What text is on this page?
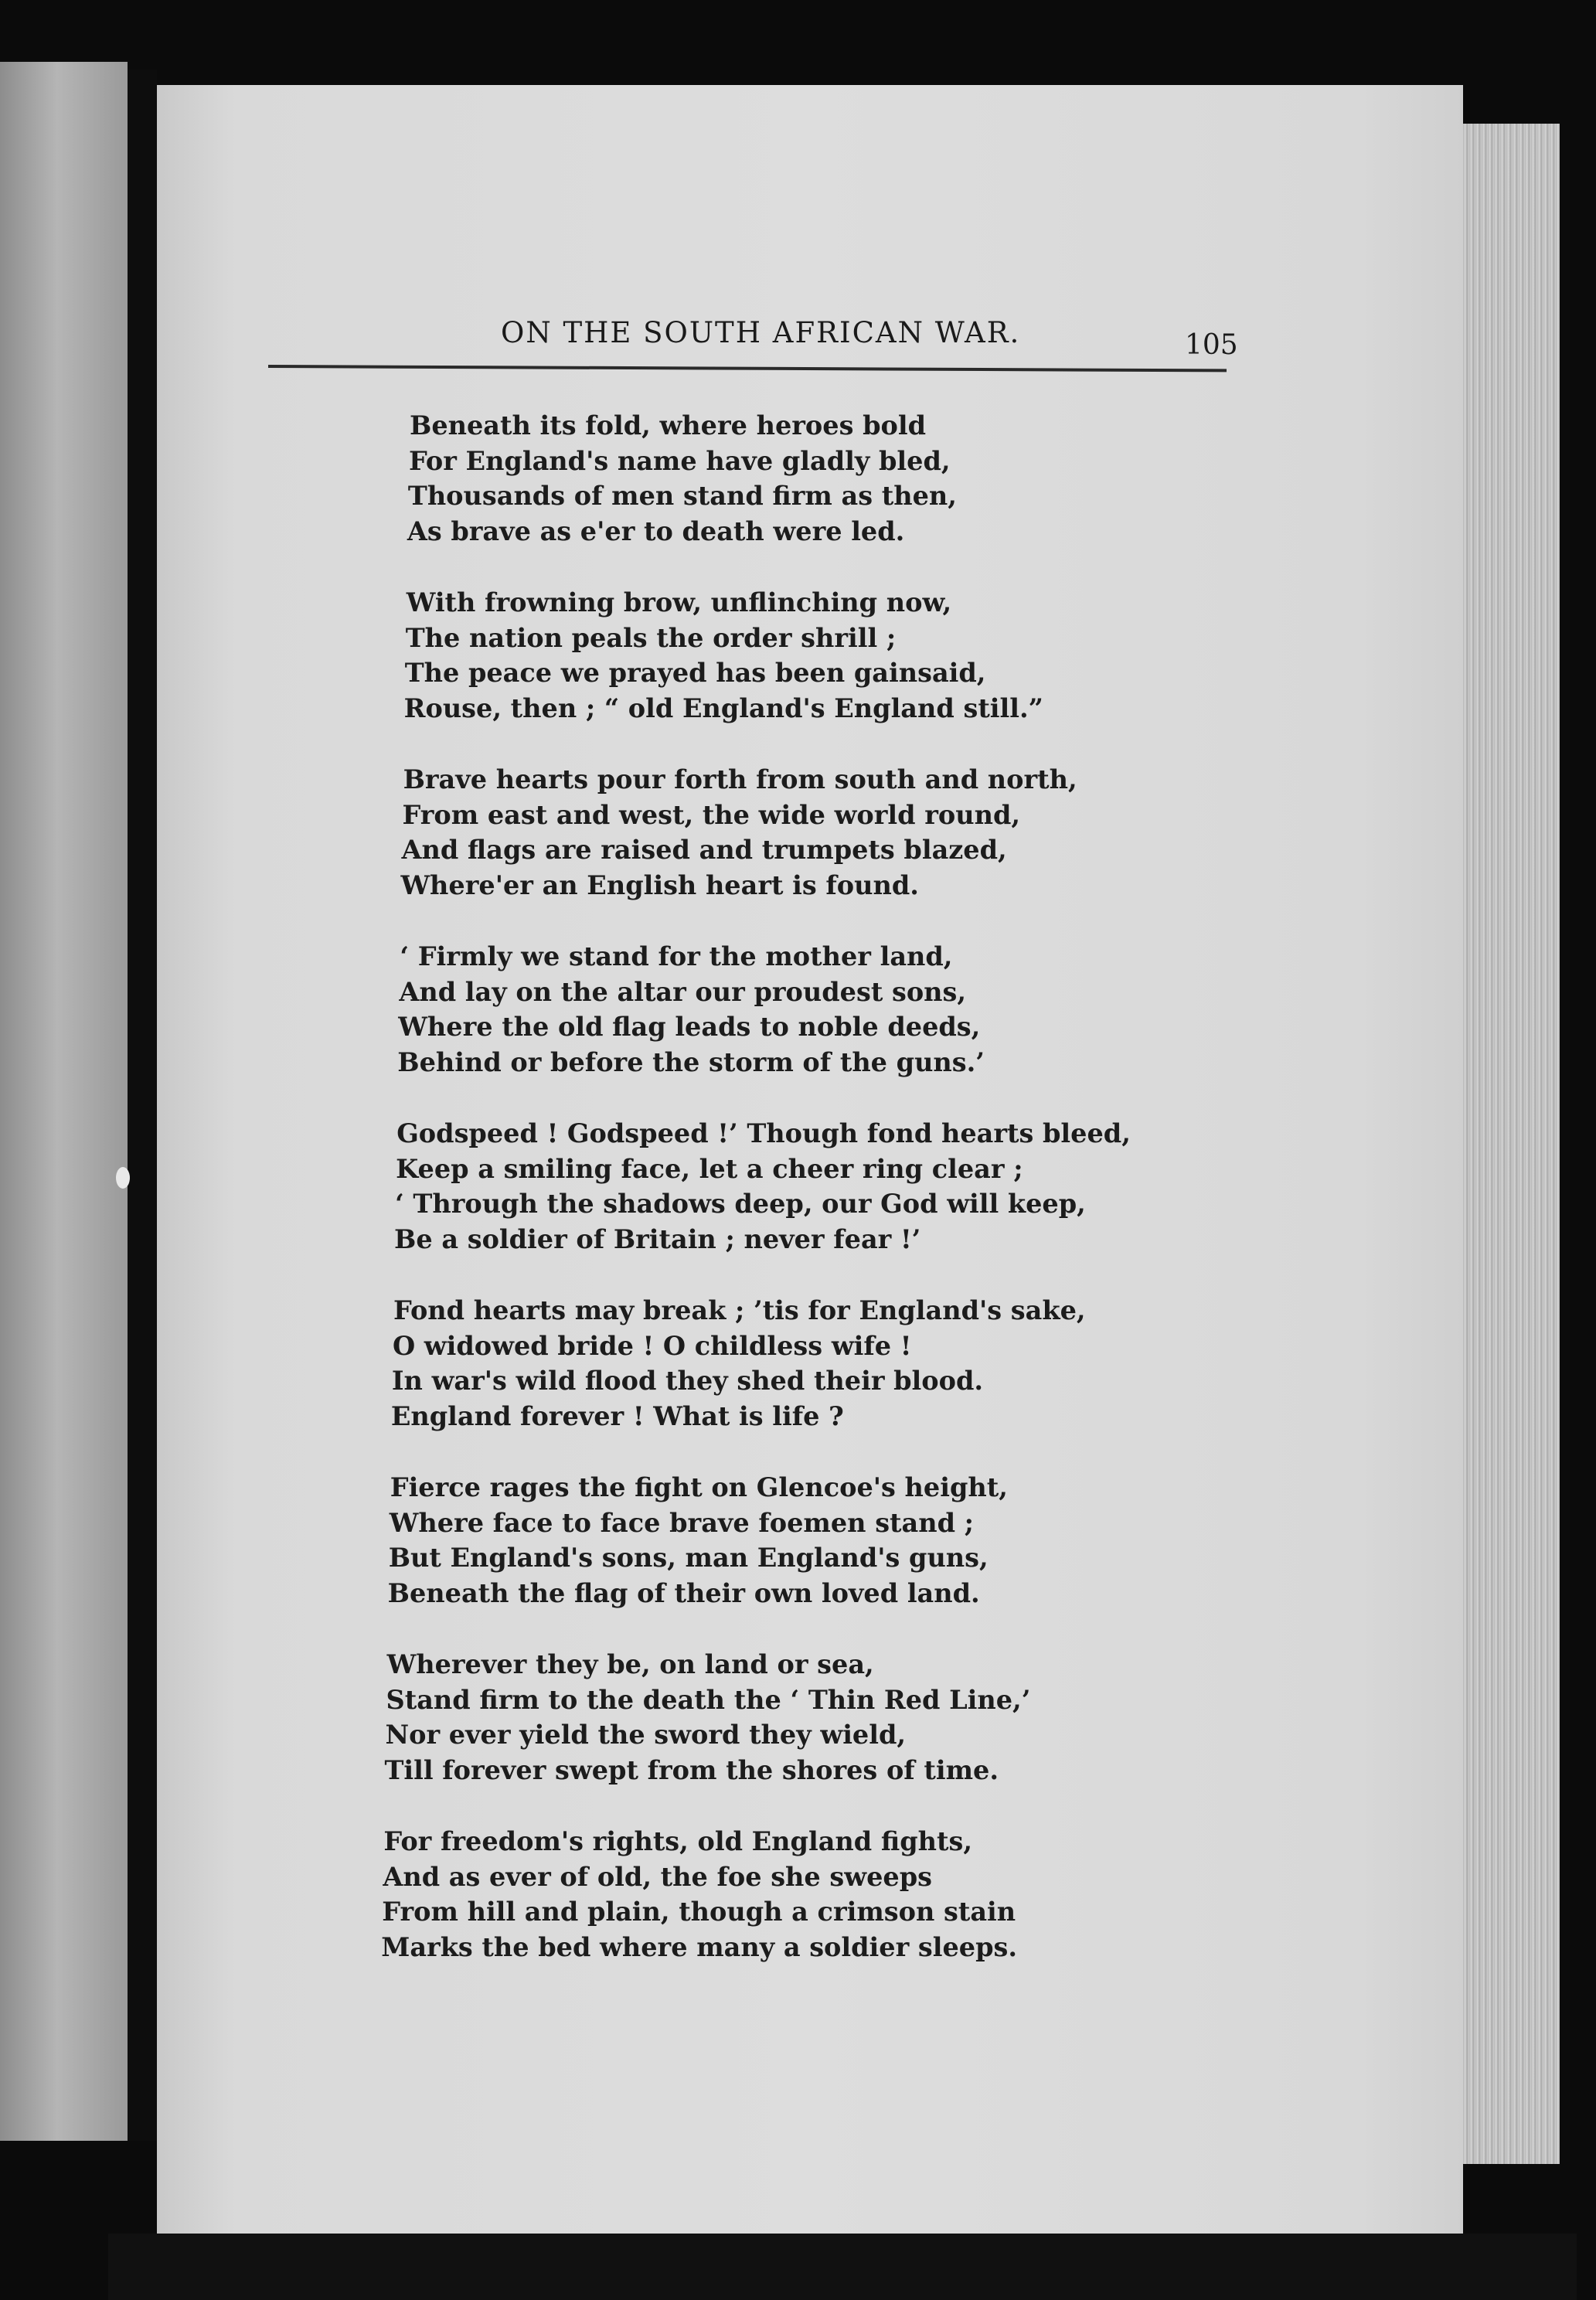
ON THE SOUTH AFRICAN WAR.	105
Beneath its fold, where heroes bold
For England's name have gladly bled,
Thousands of men stand firm as then,
As brave as e'er to death were led.
With frowning brow, unflinching now,
The nation peals the order shrill ;
The peace we prayed has been gainsaid,
Rouse, then ; “ old England's England still.”
Brave hearts pour forth from south and north,
From east and west, the wide world round,
And flags are raised and trumpets blazed,
Where'er an English heart is found.
‘ Firmly we stand for the mother land,
And lay on the altar our proudest sons,
Where the old flag leads to noble deeds,
Behind or before the storm of the guns.’
Godspeed ! Godspeed !’ Though fond hearts bleed,
Keep a smiling face, let a cheer ring clear ;
‘ Through the shadows deep, our God will keep,
Be a soldier of Britain ; never fear !’
Fond hearts may break ; ’tis for England's sake,
O widowed bride ! O childless wife !
In war's wild flood they shed their blood.
England forever ! What is life ?
Fierce rages the fight on Glencoe's height,
Where face to face brave foemen stand ;
But England's sons, man England's guns,
Beneath the flag of their own loved land.
Wherever they be, on land or sea,
Stand firm to the death the ‘ Thin Red Line,’
Nor ever yield the sword they wield,
Till forever swept from the shores of time.
For freedom's rights, old England fights,
And as ever of old, the foe she sweeps
From hill and plain, though a crimson stain
Marks the bed where many a soldier sleeps.
